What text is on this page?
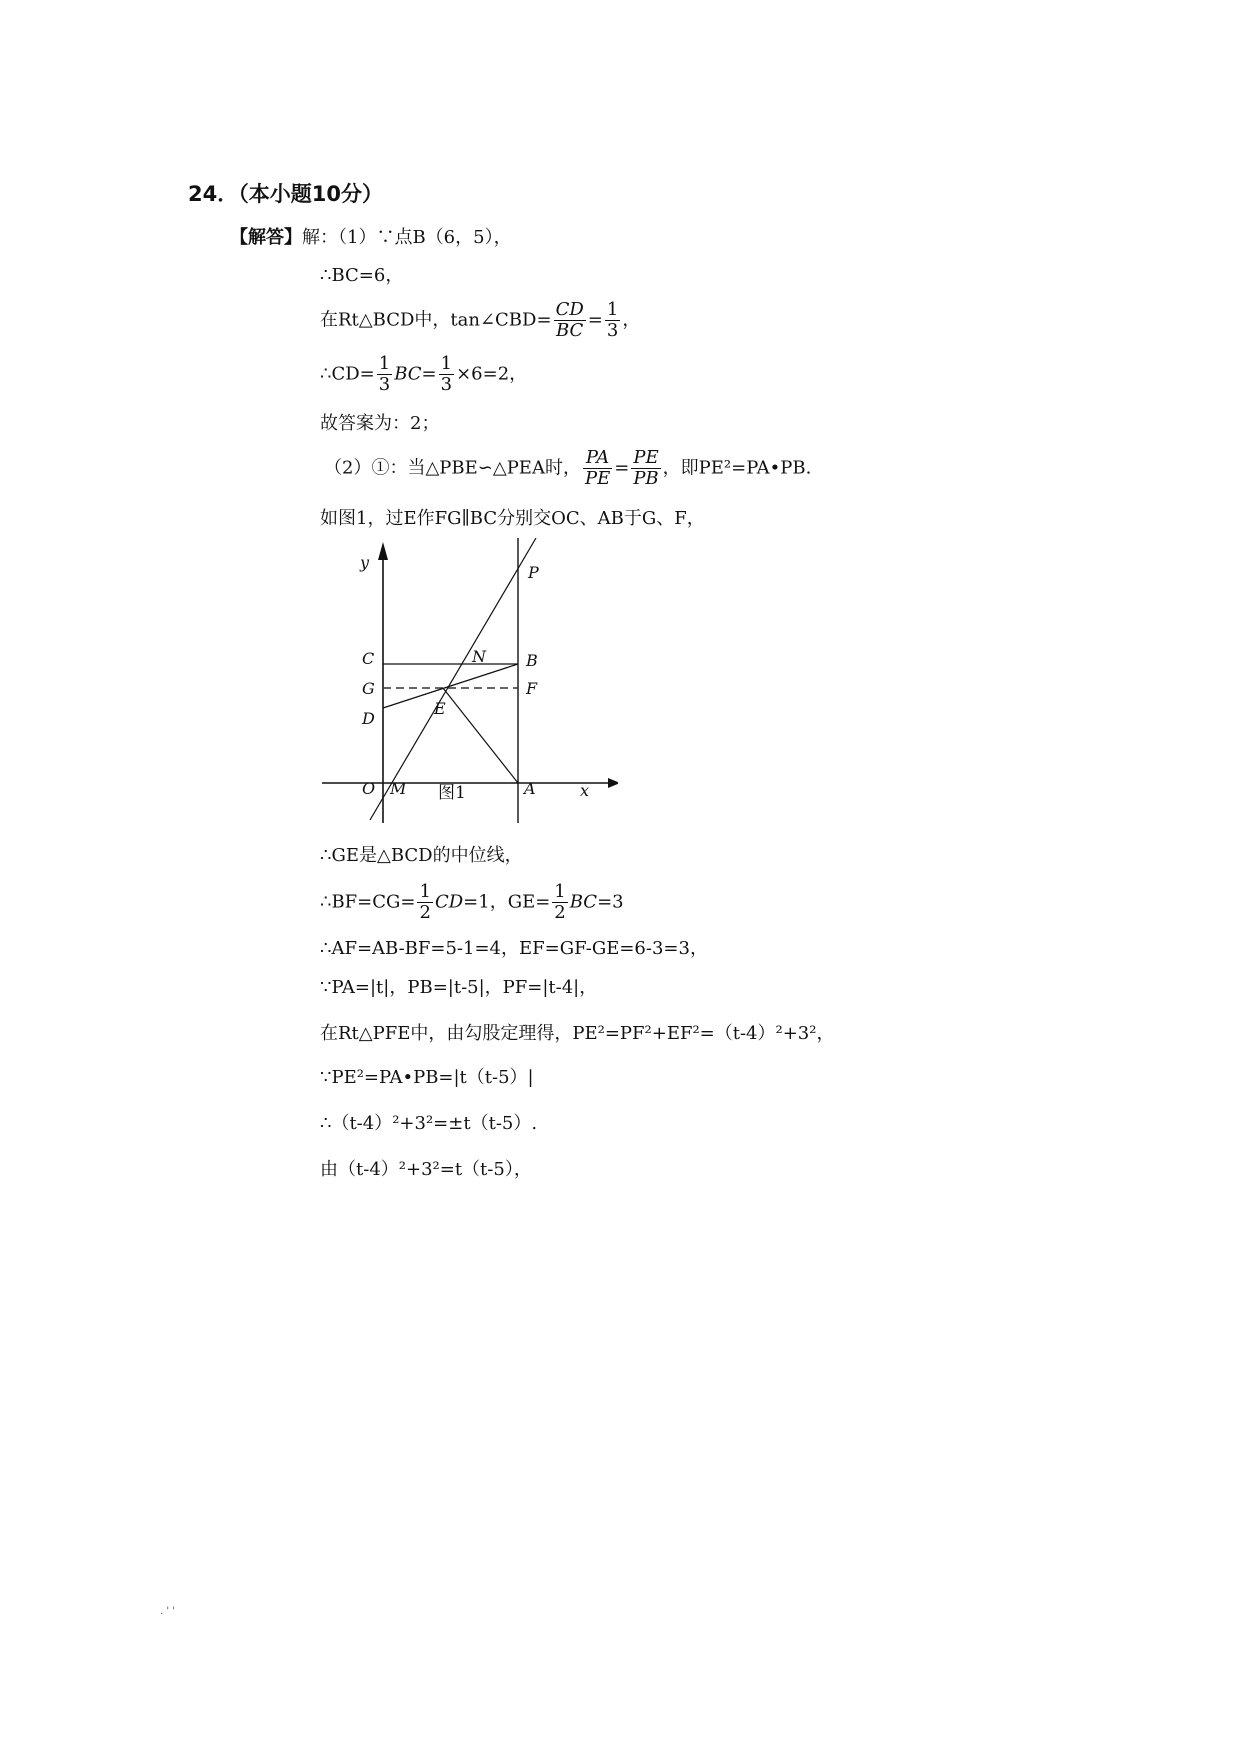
24．（本小题10分）
【解答】解：（1）∵点B（6，5），
∴BC=6，
在Rt△BCD中，tan∠CBD= $\frac{CD}{BC} = \frac{1}{3}$ ，
∴CD= $\frac{1}{3} BC= \frac{1}{3} \times 6=2$，
故答案为：2；
（2）①：当△PBE∽△PEA时， $\frac{PA}{PE} = \frac{PE}{PB}$ ，即PE²=PA•PB.
如图1，过E作FG∥BC分别交OC、AB于G、F，
y
O M	A	x
C
G
D
E
N	B
F
P
图1
∴GE是△BCD的中位线，
∴BF=CG= $\frac{1}{2} CD=1$，$GE= \frac{1}{2} BC=3$
∴AF=AB-BF=5-1=4，EF=GF-GE=6-3=3，
∵PA=|t|，PB=|t-5|，PF=|t-4|，
在Rt△PFE中，由勾股定理得，PE²=PF²+EF²=（t-4）²+3²，
∵PE²=PA•PB=|t（t-5）|
∴（t-4）²+3²=±t（t-5）.
由（t-4）²+3²=t（t-5），
. ' '
